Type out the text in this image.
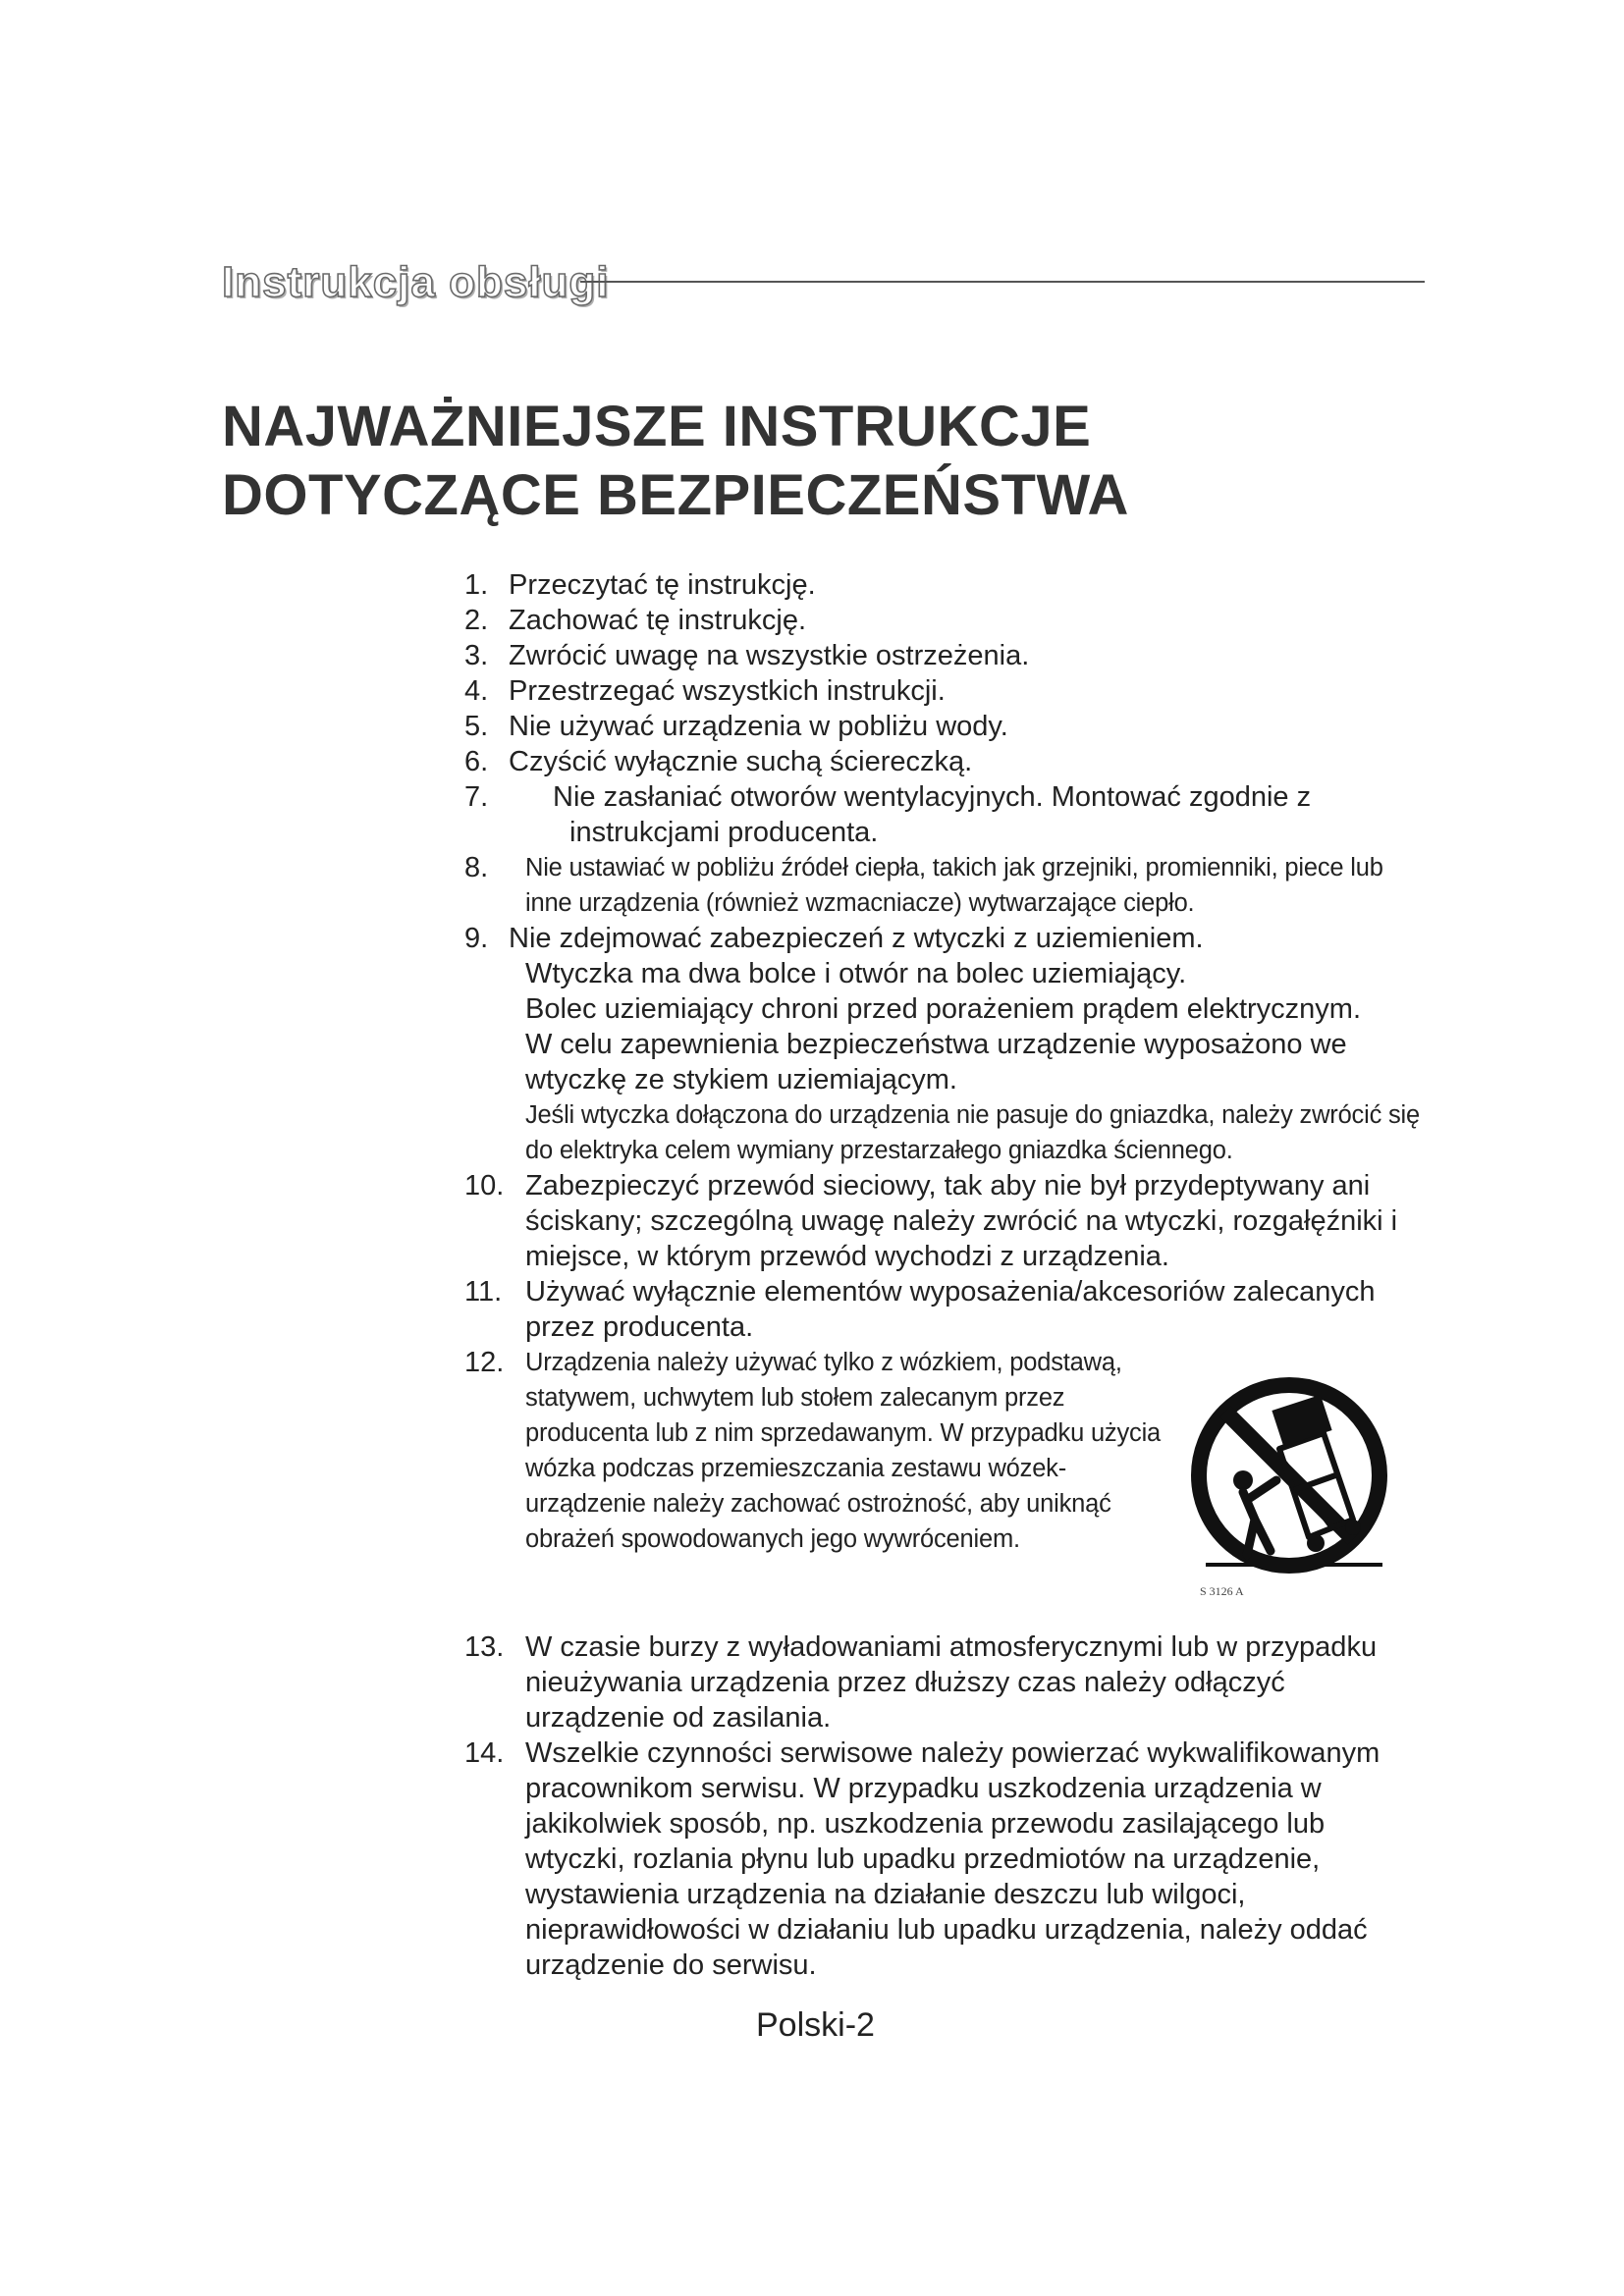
Instrukcja obsługi
NAJWAŻNIEJSZE INSTRUKCJE
DOTYCZĄCE BEZPIECZEŃSTWA
1. Przeczytać tę instrukcję.
2. Zachować tę instrukcję.
3. Zwrócić uwagę na wszystkie ostrzeżenia.
4. Przestrzegać wszystkich instrukcji.
5. Nie używać urządzenia w pobliżu wody.
6. Czyścić wyłącznie suchą ściereczką.
7.	Nie zasłaniać otworów wentylacyjnych. Montować zgodnie z instrukcjami producenta.
8. Nie ustawiać w pobliżu źródeł ciepła, takich jak grzejniki, promienniki, piece lub inne urządzenia (również wzmacniacze) wytwarzające ciepło.
9. Nie zdejmować zabezpieczeń z wtyczki z uziemieniem.
Wtyczka ma dwa bolce i otwór na bolec uziemiający.
Bolec uziemiający chroni przed porażeniem prądem elektrycznym.
W celu zapewnienia bezpieczeństwa urządzenie wyposażono we wtyczkę ze stykiem uziemiającym.
Jeśli wtyczka dołączona do urządzenia nie pasuje do gniazdka, należy zwrócić się do elektryka celem wymiany przestarzałego gniazdka ściennego.
10. Zabezpieczyć przewód sieciowy, tak aby nie był przydeptywany ani ściskany; szczególną uwagę należy zwrócić na wtyczki, rozgałęźniki i miejsce, w którym przewód wychodzi z urządzenia.
11. Używać wyłącznie elementów wyposażenia/akcesoriów zalecanych przez producenta.
12. Urządzenia należy używać tylko z wózkiem, podstawą, statywem, uchwytem lub stołem zalecanym przez producenta lub z nim sprzedawanym. W przypadku użycia wózka podczas przemieszczania zestawu wózek-urządzenie należy zachować ostrożność, aby uniknąć obrażeń spowodowanych jego wywróceniem.
13. W czasie burzy z wyładowaniami atmosferycznymi lub w przypadku nieużywania urządzenia przez dłuższy czas należy odłączyć urządzenie od zasilania.
14. Wszelkie czynności serwisowe należy powierzać wykwalifikowanym pracownikom serwisu. W przypadku uszkodzenia urządzenia w jakikolwiek sposób, np. uszkodzenia przewodu zasilającego lub wtyczki, rozlania płynu lub upadku przedmiotów na urządzenie, wystawienia urządzenia na działanie deszczu lub wilgoci, nieprawidłowości w działaniu lub upadku urządzenia, należy oddać urządzenie do serwisu.
S 3126 A
Polski-2
